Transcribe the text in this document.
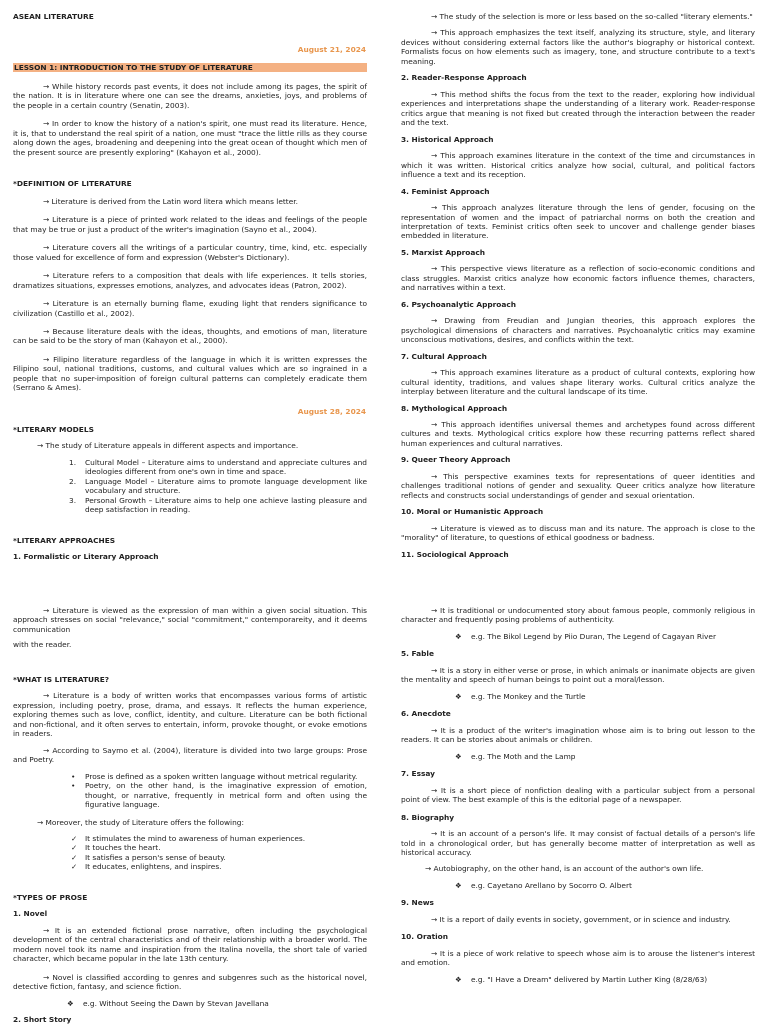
ASEAN LITERATURE

August 21, 2024
LESSON 1: INTRODUCTION TO THE STUDY OF LITERATURE

→ While history records past events, it does not include among its pages, the spirit of the nation. It is in literature where one can see the dreams, anxieties, joys, and problems of the people in a certain country (Senatin, 2003).

→ In order to know the history of a nation's spirit, one must read its literature. Hence, it is, that to understand the real spirit of a nation, one must "trace the little rills as they course along down the ages, broadening and deepening into the great ocean of thought which men of the present source are presently exploring" (Kahayon et al., 2000).

*DEFINITION OF LITERATURE

→ Literature is derived from the Latin word litera which means letter.

→ Literature is a piece of printed work related to the ideas and feelings of the people that may be true or just a product of the writer's imagination (Sayno et al., 2004).

→ Literature covers all the writings of a particular country, time, kind, etc. especially those valued for excellence of form and expression (Webster's Dictionary).

→ Literature refers to a composition that deals with life experiences. It tells stories, dramatizes situations, expresses emotions, analyzes, and advocates ideas (Patron, 2002).

→ Literature is an eternally burning flame, exuding light that renders significance to civilization (Castillo et al., 2002).

→ Because literature deals with the ideas, thoughts, and emotions of man, literature can be said to be the story of man (Kahayon et al., 2000).

→ Filipino literature regardless of the language in which it is written expresses the Filipino soul, national traditions, customs, and cultural values which are so ingrained in a people that no super-imposition of foreign cultural patterns can completely eradicate them (Serrano & Ames).

August 28, 2024

*LITERARY MODELS

→ The study of Literature appeals in different aspects and importance.

1. Cultural Model – Literature aims to understand and appreciate cultures and ideologies different from one's own in time and space.

2. Language Model – Literature aims to promote language development like vocabulary and structure.

3. Personal Growth – Literature aims to help one achieve lasting pleasure and deep satisfaction in reading.

*LITERARY APPROACHES

1. Formalistic or Literary Approach

→ The study of the selection is more or less based on the so-called "literary elements."

→ This approach emphasizes the text itself, analyzing its structure, style, and literary devices without considering external factors like the author's biography or historical context. Formalists focus on how elements such as imagery, tone, and structure contribute to a text's meaning.

2. Reader-Response Approach

→ This method shifts the focus from the text to the reader, exploring how individual experiences and interpretations shape the understanding of a literary work. Reader-response critics argue that meaning is not fixed but created through the interaction between the reader and the text.

3. Historical Approach

→ This approach examines literature in the context of the time and circumstances in which it was written. Historical critics analyze how social, cultural, and political factors influence a text and its reception.

4. Feminist Approach

→ This approach analyzes literature through the lens of gender, focusing on the representation of women and the impact of patriarchal norms on both the creation and interpretation of texts. Feminist critics often seek to uncover and challenge gender biases embedded in literature.

5. Marxist Approach

→ This perspective views literature as a reflection of socio-economic conditions and class struggles. Marxist critics analyze how economic factors influence themes, characters, and narratives within a text.

6. Psychoanalytic Approach

→ Drawing from Freudian and Jungian theories, this approach explores the psychological dimensions of characters and narratives. Psychoanalytic critics may examine unconscious motivations, desires, and conflicts within the text.

7. Cultural Approach

→ This approach examines literature as a product of cultural contexts, exploring how cultural identity, traditions, and values shape literary works. Cultural critics analyze the interplay between literature and the cultural landscape of its time.

8. Mythological Approach

→ This approach identifies universal themes and archetypes found across different cultures and texts. Mythological critics explore how these recurring patterns reflect shared human experiences and cultural narratives.

9. Queer Theory Approach

→ This perspective examines texts for representations of queer identities and challenges traditional notions of gender and sexuality. Queer critics analyze how literature reflects and constructs social understandings of gender and sexual orientation.

10. Moral or Humanistic Approach

→ Literature is viewed as to discuss man and its nature. The approach is close to the "morality" of literature, to questions of ethical goodness or badness.

11. Sociological Approach

→ Literature is viewed as the expression of man within a given social situation. This approach stresses on social "relevance," social "commitment," contemporareity, and it deems communication

with the reader.

*WHAT IS LITERATURE?

→ Literature is a body of written works that encompasses various forms of artistic expression, including poetry, prose, drama, and essays. It reflects the human experience, exploring themes such as love, conflict, identity, and culture. Literature can be both fictional and non-fictional, and it often serves to entertain, inform, provoke thought, or evoke emotions in readers.

→ According to Saymo et al. (2004), literature is divided into two large groups: Prose and Poetry.

• Prose is defined as a spoken written language without metrical regularity.

• Poetry, on the other hand, is the imaginative expression of emotion, thought, or narrative, frequently in metrical form and often using the figurative language.

→ Moreover, the study of Literature offers the following:

✓ It stimulates the mind to awareness of human experiences.

✓ It touches the heart.

✓ It satisfies a person's sense of beauty.

✓ It educates, enlightens, and inspires.

*TYPES OF PROSE

1. Novel

→ It is an extended fictional prose narrative, often including the psychological development of the central characteristics and of their relationship with a broader world. The modern novel took its name and inspiration from the Italina novella, the short tale of varied character, which became popular in the late 13th century.

→ Novel is classified according to genres and subgenres such as the historical novel, detective fiction, fantasy, and science fiction.

❖ e.g. Without Seeing the Dawn by Stevan Javellana

2. Short Story

→ It is traditional or undocumented story about famous people, commonly religious in character and frequently posing problems of authenticity.

❖ e.g. The Bikol Legend by Piio Duran, The Legend of Cagayan River

5. Fable

→ It is a story in either verse or prose, in which animals or inanimate objects are given the mentality and speech of human beings to point out a moral/lesson.

❖ e.g. The Monkey and the Turtle

6. Anecdote

→ It is a product of the writer's imagination whose aim is to bring out lesson to the readers. It can be stories about animals or children.

❖ e.g. The Moth and the Lamp

7. Essay

→ It is a short piece of nonfiction dealing with a particular subject from a personal point of view. The best example of this is the editorial page of a newspaper.

8. Biography

→ It is an account of a person's life. It may consist of factual details of a person's life told in a chronological order, but has generally become matter of interpretation as well as historical accuracy.

→ Autobiography, on the other hand, is an account of the author's own life.

❖ e.g. Cayetano Arellano by Socorro O. Albert

9. News

→ It is a report of daily events in society, government, or in science and industry.

10. Oration

→ It is a piece of work relative to speech whose aim is to arouse the listener's interest and emotion.

❖ e.g. "I Have a Dream" delivered by Martin Luther King (8/28/63)
